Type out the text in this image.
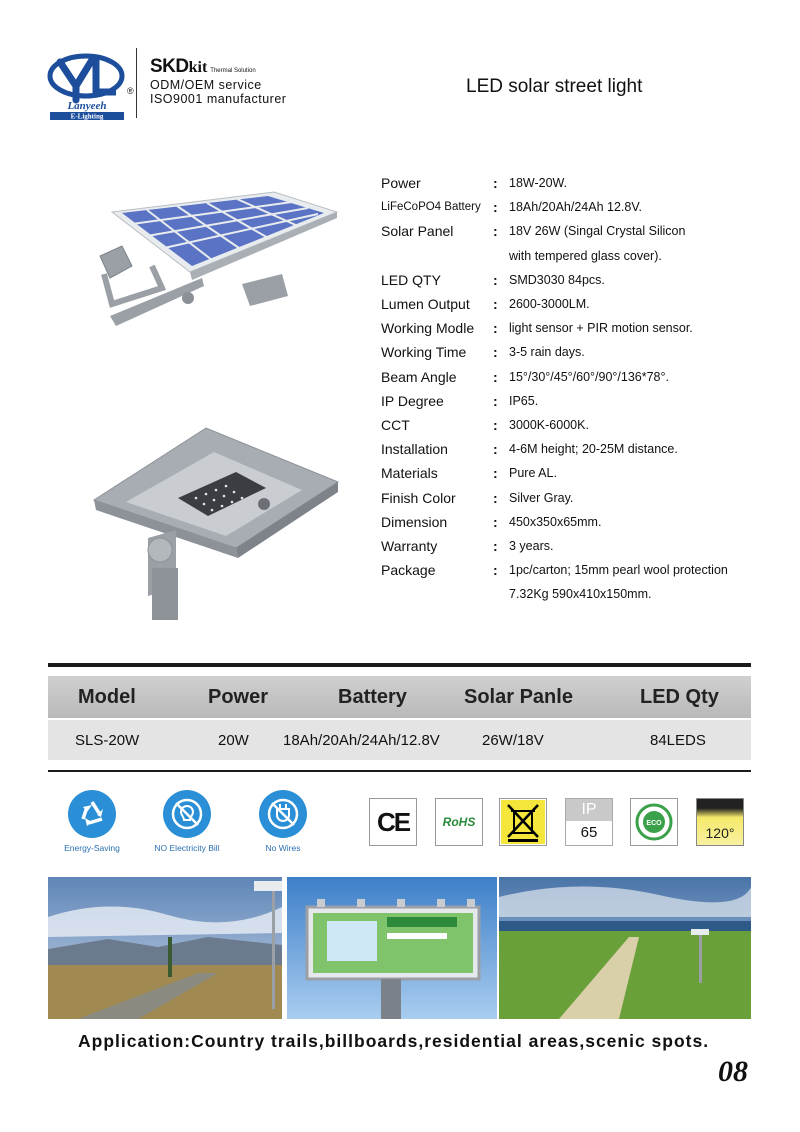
Lanyeeh
E-Lighting
®
SKDkit Thermal Solution
ODM/OEM service
ISO9001 manufacturer
LED solar street light
Power	: 18W-20W.
LiFeCoPO4 Battery : 18Ah/20Ah/24Ah 12.8V.
Solar Panel	: 18V 26W (Singal Crystal Silicon
with tempered glass cover).
LED QTY	: SMD3030 84pcs.
Lumen Output	: 2600-3000LM.
Working Modle	: light sensor + PIR motion sensor.
Working Time	: 3-5 rain days.
Beam Angle	: 15°/30°/45°/60°/90°/136*78°.
IP Degree	: IP65.
CCT	: 3000K-6000K.
Installation	: 4-6M height; 20-25M distance.
Materials	: Pure AL.
Finish Color	: Silver Gray.
Dimension	: 450x350x65mm.
Warranty	: 3 years.
Package	: 1pc/carton; 15mm pearl wool protection
7.32Kg 590x410x150mm.
Model	Power	Battery	Solar Panle	LED Qty
SLS-20W	20W 18Ah/20Ah/24Ah/12.8V	26W/18V	84LEDS
Energy-Saving	NO Electricity Bill	No Wires
CE	RoHS
IP
65
ECO
120°
Application:Country trails,billboards,residential areas,scenic spots.
08
